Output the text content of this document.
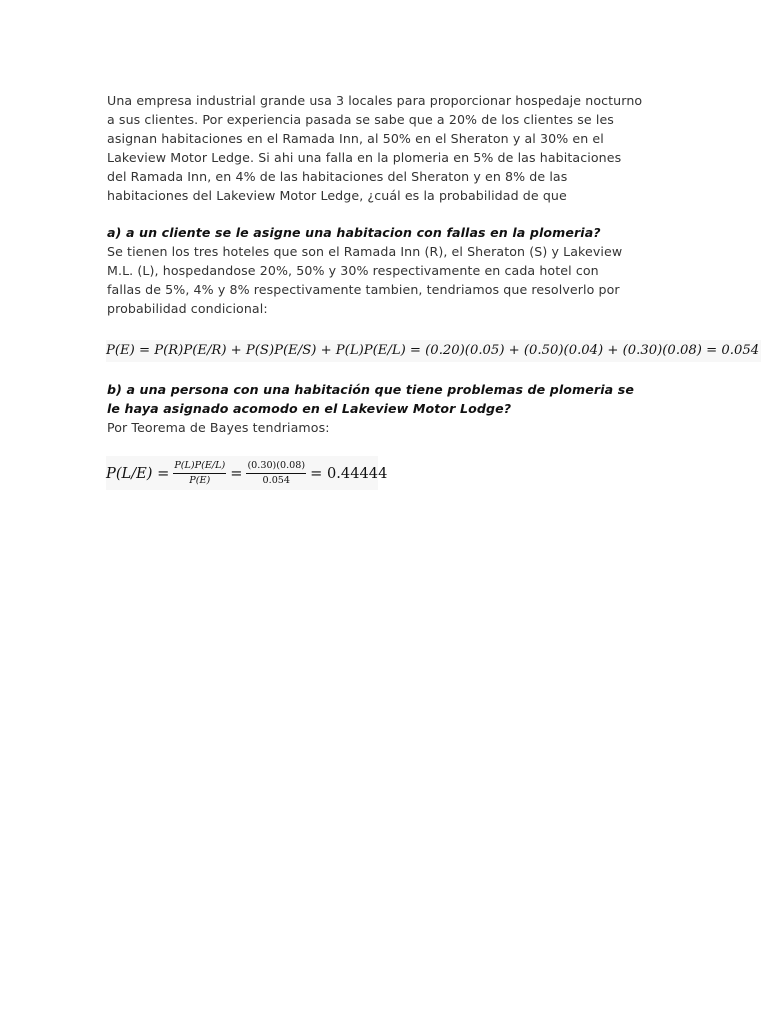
Una empresa industrial grande usa 3 locales para proporcionar hospedaje nocturno
a sus clientes. Por experiencia pasada se sabe que a 20% de los clientes se les
asignan habitaciones en el Ramada Inn, al 50% en el Sheraton y al 30% en el
Lakeview Motor Ledge. Si ahi una falla en la plomeria en 5% de las habitaciones
del Ramada Inn, en 4% de las habitaciones del Sheraton y en 8% de las
habitaciones del Lakeview Motor Ledge, ¿cuál es la probabilidad de que

a) a un cliente se le asigne una habitacion con fallas en la plomeria?

Se tienen los tres hoteles que son el Ramada Inn (R), el Sheraton (S) y Lakeview
M.L. (L), hospedandose 20%, 50% y 30% respectivamente en cada hotel con
fallas de 5%, 4% y 8% respectivamente tambien, tendriamos que resolverlo por
probabilidad condicional:

P(E) = P(R)P(E/R) + P(S)P(E/S) + P(L)P(E/L) = (0.20)(0.05) + (0.50)(0.04) + (0.30)(0.08) = 0.054

b) a una persona con una habitación que tiene problemas de plomeria se
le haya asignado acomodo en el Lakeview Motor Lodge?

Por Teorema de Bayes tendriamos:

$P(L/E) = \frac{P(L)P(E/L)}{P(E)} = \frac{(0.30)(0.08)}{0.054} = 0.44444$
